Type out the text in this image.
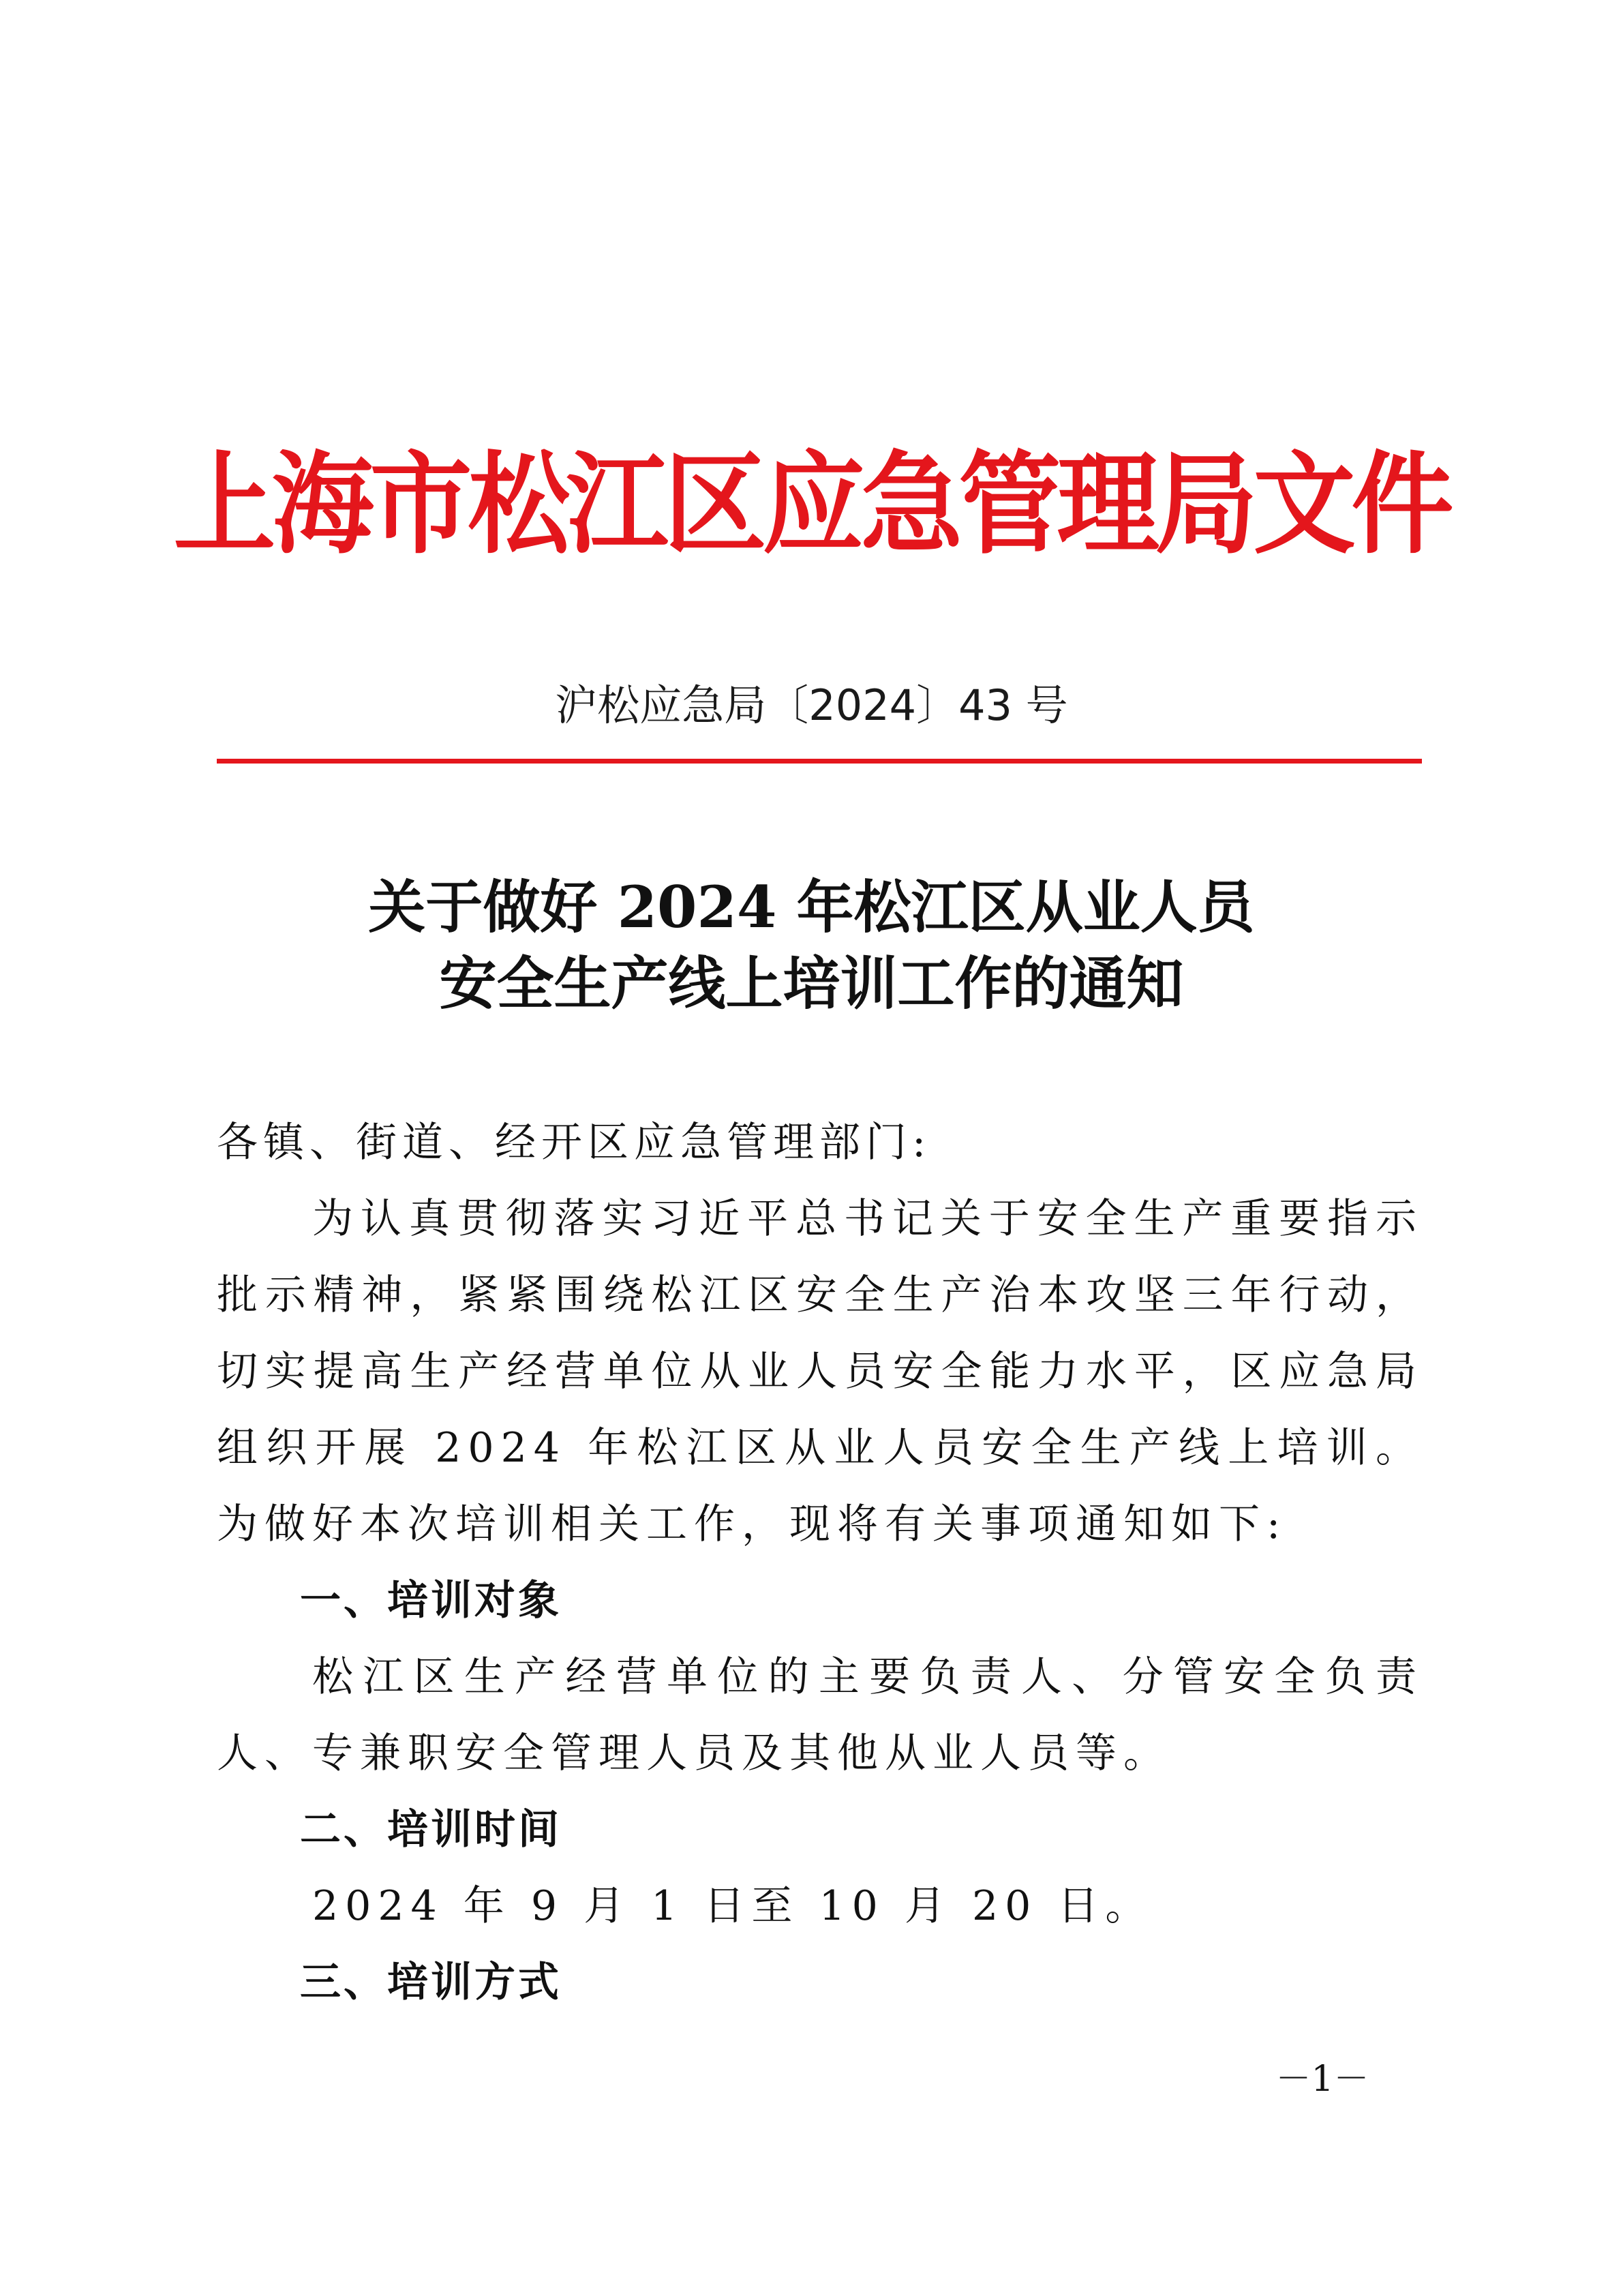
上海市松江区应急管理局文件
沪松应急局〔2024〕43 号
关于做好 2024 年松江区从业人员
安全生产线上培训工作的通知
各镇、街道、经开区应急管理部门:
为认真贯彻落实习近平总书记关于安全生产重要指示批示精神，紧紧围绕松江区安全生产治本攻坚三年行动，切实提高生产经营单位从业人员安全能力水平，区应急局组织开展 2024 年松江区从业人员安全生产线上培训。为做好本次培训相关工作，现将有关事项通知如下:
一、培训对象
松江区生产经营单位的主要负责人、分管安全负责人、专兼职安全管理人员及其他从业人员等。
二、培训时间
2024 年 9 月 1 日至 10 月 20 日。
三、培训方式
－1－
